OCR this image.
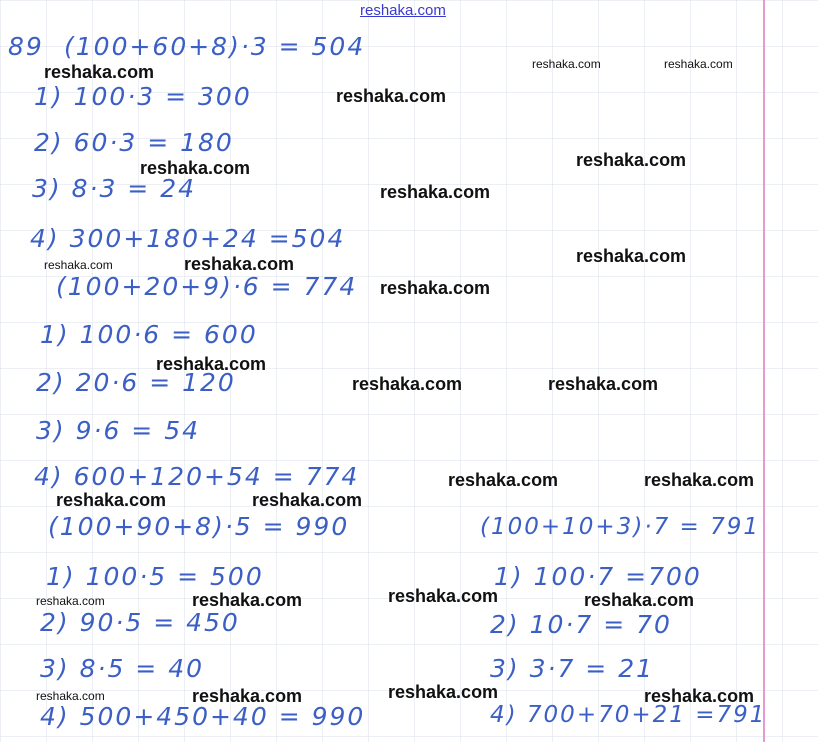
reshaka.com
89 (100+60+8)·3 = 504
1) 100·3 = 300
2) 60·3 = 180
3) 8·3 = 24
4) 300+180+24 =504
(100+20+9)·6 = 774
1) 100·6 = 600
2) 20·6 = 120
3) 9·6 = 54
4) 600+120+54 = 774
(100+90+8)·5 = 990
1) 100·5 = 500
2) 90·5 = 450
3) 8·5 = 40
4) 500+450+40 = 990
(100+10+3)·7 = 791
1) 100·7 =700
2) 10·7 = 70
3) 3·7 = 21
4) 700+70+21 =791
reshaka.com	reshaka.com	reshaka.com
reshaka.com
reshaka.com
reshaka.com
reshaka.com
reshaka.com
reshaka.com	reshaka.com
reshaka.com
reshaka.com
reshaka.com	reshaka.com
reshaka.com	reshaka.com
reshaka.com	reshaka.com
reshaka.com
reshaka.com	reshaka.com	reshaka.com
reshaka.com
reshaka.com	reshaka.com	reshaka.com
